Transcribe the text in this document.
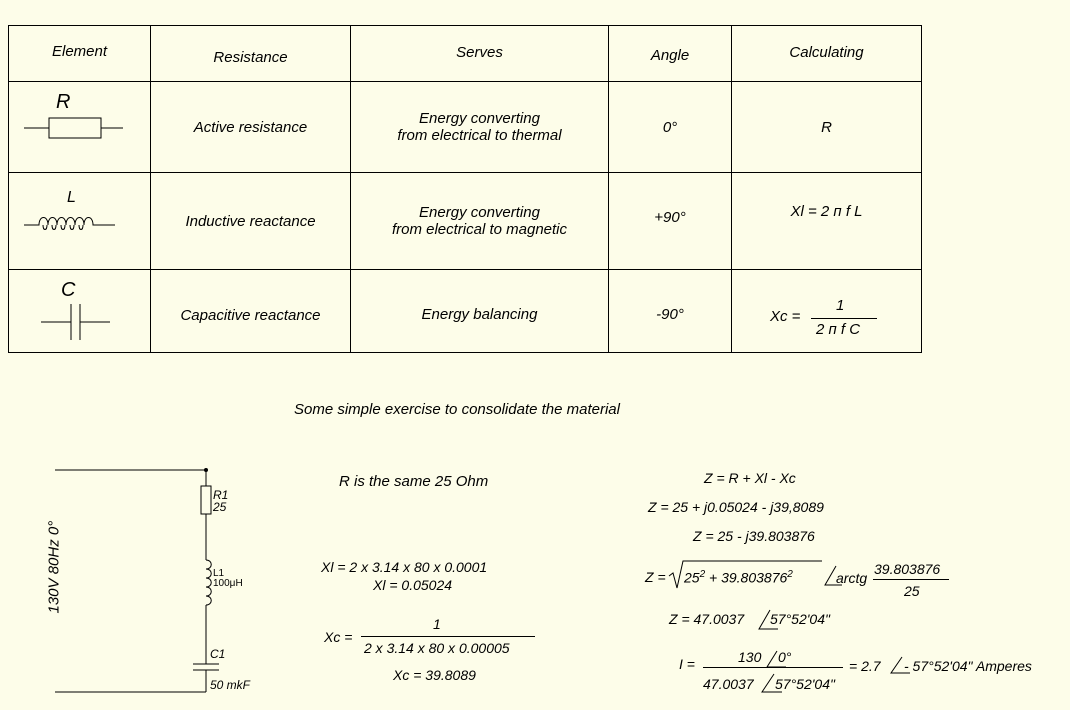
Element	Resistance	Serves	Angle	Calculating

R	Active resistance	Energy converting
from electrical to thermal	0°	R

L	Inductive reactance	Energy converting
from electrical to magnetic	+90°	Xl = 2 п f L

C	Capacitive reactance	Energy balancing	-90°	Xc =
1
2 п f C
Some simple exercise to consolidate the material
R1
25
L1
100μH
C1
50 mkF
130V 80Hz 0°
R is the same 25 Ohm
Xl = 2 x 3.14 x 80 x 0.0001
Xl = 0.05024
Xc =
1
2 x 3.14 x 80 x 0.00005
Xc = 39.8089
Z = R + Xl - Xc
Z = 25 + j0.05024 - j39,8089
Z = 25 - j39.803876
$Z = 25^2 + 39.803876^2$	arctg
39.803876
25
Z = 47.0037 57°52'04"
I =	130 0°
47.0037 57°52'04"
= 2.7 - 57°52'04" Amperes
